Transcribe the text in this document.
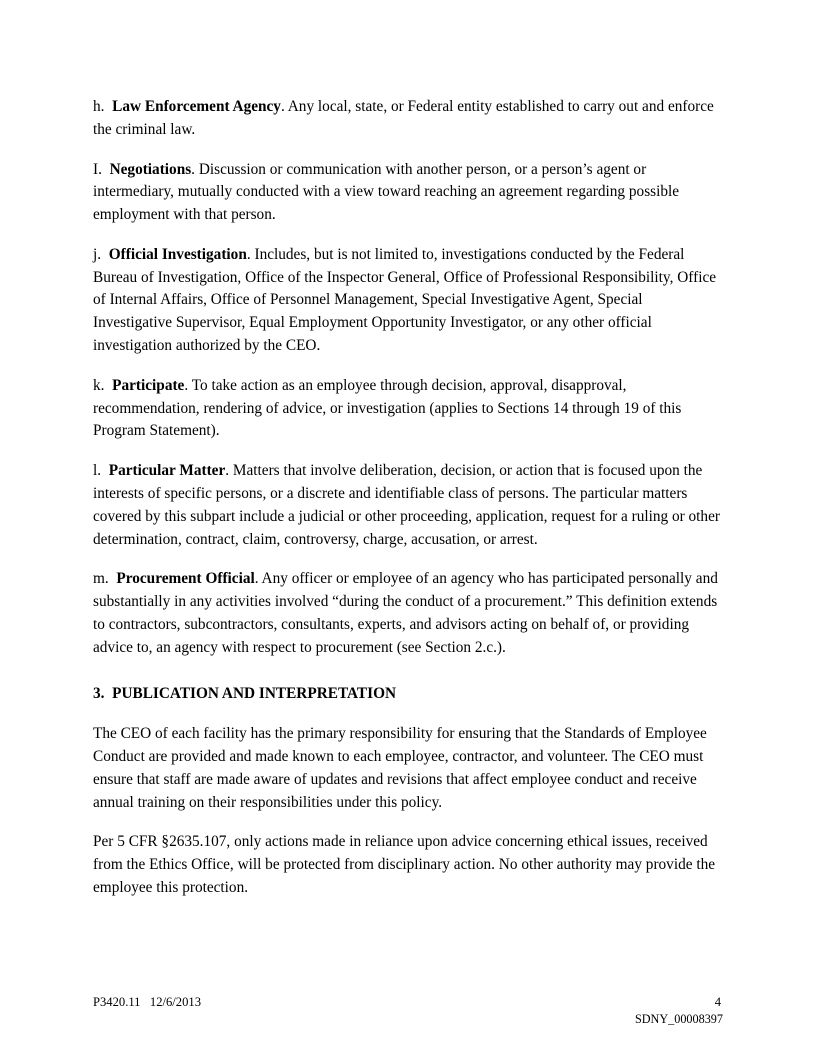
h. Law Enforcement Agency. Any local, state, or Federal entity established to carry out and enforce the criminal law.

I. Negotiations. Discussion or communication with another person, or a person’s agent or intermediary, mutually conducted with a view toward reaching an agreement regarding possible employment with that person.

j. Official Investigation. Includes, but is not limited to, investigations conducted by the Federal Bureau of Investigation, Office of the Inspector General, Office of Professional Responsibility, Office of Internal Affairs, Office of Personnel Management, Special Investigative Agent, Special Investigative Supervisor, Equal Employment Opportunity Investigator, or any other official investigation authorized by the CEO.

k. Participate. To take action as an employee through decision, approval, disapproval, recommendation, rendering of advice, or investigation (applies to Sections 14 through 19 of this Program Statement).

l. Particular Matter. Matters that involve deliberation, decision, or action that is focused upon the interests of specific persons, or a discrete and identifiable class of persons. The particular matters covered by this subpart include a judicial or other proceeding, application, request for a ruling or other determination, contract, claim, controversy, charge, accusation, or arrest.

m. Procurement Official. Any officer or employee of an agency who has participated personally and substantially in any activities involved “during the conduct of a procurement.” This definition extends to contractors, subcontractors, consultants, experts, and advisors acting on behalf of, or providing advice to, an agency with respect to procurement (see Section 2.c.).

3. PUBLICATION AND INTERPRETATION

The CEO of each facility has the primary responsibility for ensuring that the Standards of Employee Conduct are provided and made known to each employee, contractor, and volunteer. The CEO must ensure that staff are made aware of updates and revisions that affect employee conduct and receive annual training on their responsibilities under this policy.

Per 5 CFR §2635.107, only actions made in reliance upon advice concerning ethical issues, received from the Ethics Office, will be protected from disciplinary action. No other authority may provide the employee this protection.

P3420.11   12/6/2013	4
SDNY_00008397
